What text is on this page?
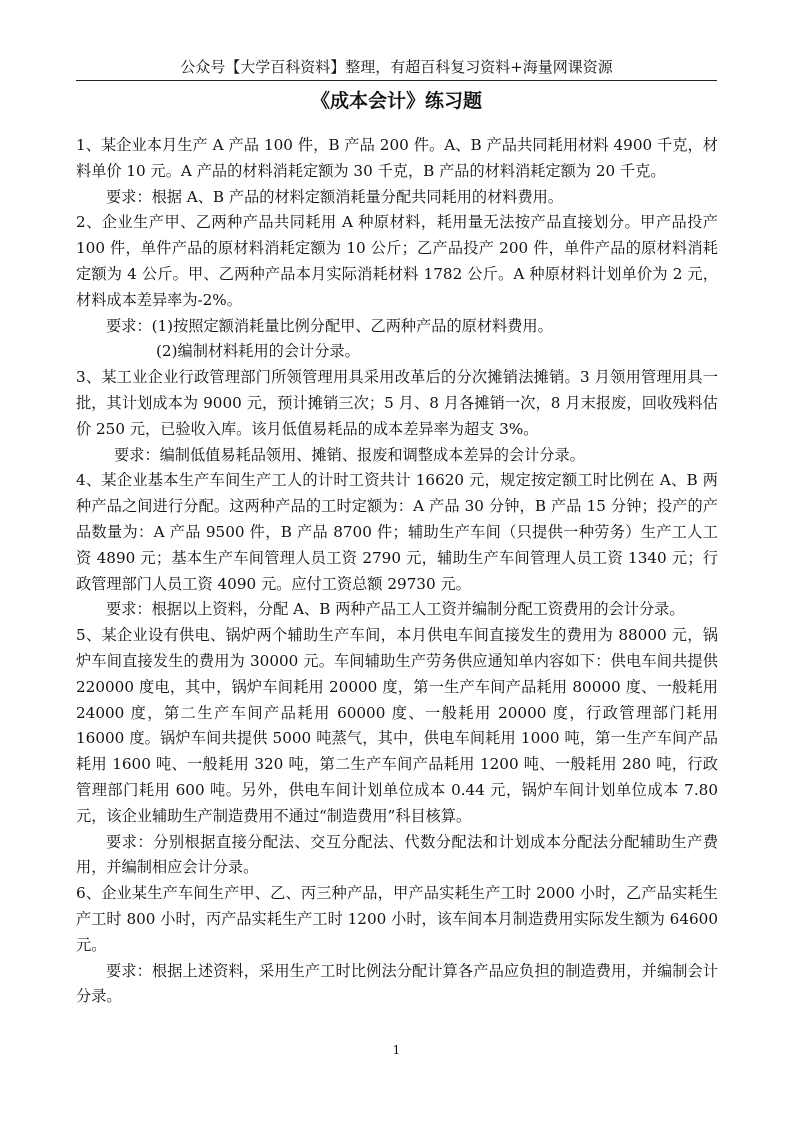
公众号【大学百科资料】整理，有超百科复习资料+海量网课资源
《成本会计》练习题

1、某企业本月生产 A 产品 100 件，B 产品 200 件。A、B 产品共同耗用材料 4900 千克，材料单价 10 元。A 产品的材料消耗定额为 30 千克，B 产品的材料消耗定额为 20 千克。

要求：根据 A、B 产品的材料定额消耗量分配共同耗用的材料费用。

2、企业生产甲、乙两种产品共同耗用 A 种原材料，耗用量无法按产品直接划分。甲产品投产 100 件，单件产品的原材料消耗定额为 10 公斤；乙产品投产 200 件，单件产品的原材料消耗定额为 4 公斤。甲、乙两种产品本月实际消耗材料 1782 公斤。A 种原材料计划单价为 2 元，材料成本差异率为-2%。

要求：(1)按照定额消耗量比例分配甲、乙两种产品的原材料费用。

(2)编制材料耗用的会计分录。

3、某工业企业行政管理部门所领管理用具采用改革后的分次摊销法摊销。3 月领用管理用具一批，其计划成本为 9000 元，预计摊销三次；5 月、8 月各摊销一次，8 月末报废，回收残料估价 250 元，已验收入库。该月低值易耗品的成本差异率为超支 3%。

要求：编制低值易耗品领用、摊销、报废和调整成本差异的会计分录。

4、某企业基本生产车间生产工人的计时工资共计 16620 元，规定按定额工时比例在 A、B 两种产品之间进行分配。这两种产品的工时定额为：A 产品 30 分钟，B 产品 15 分钟；投产的产品数量为：A 产品 9500 件，B 产品 8700 件；辅助生产车间（只提供一种劳务）生产工人工资 4890 元；基本生产车间管理人员工资 2790 元，辅助生产车间管理人员工资 1340 元；行政管理部门人员工资 4090 元。应付工资总额 29730 元。

要求：根据以上资料，分配 A、B 两种产品工人工资并编制分配工资费用的会计分录。

5、某企业设有供电、锅炉两个辅助生产车间，本月供电车间直接发生的费用为 88000 元，锅炉车间直接发生的费用为 30000 元。车间辅助生产劳务供应通知单内容如下：供电车间共提供 220000 度电，其中，锅炉车间耗用 20000 度，第一生产车间产品耗用 80000 度、一般耗用 24000 度，第二生产车间产品耗用 60000 度、一般耗用 20000 度，行政管理部门耗用 16000 度。锅炉车间共提供 5000 吨蒸气，其中，供电车间耗用 1000 吨，第一生产车间产品耗用 1600 吨、一般耗用 320 吨，第二生产车间产品耗用 1200 吨、一般耗用 280 吨，行政管理部门耗用 600 吨。另外，供电车间计划单位成本 0.44 元，锅炉车间计划单位成本 7.80 元，该企业辅助生产制造费用不通过“制造费用”科目核算。

要求：分别根据直接分配法、交互分配法、代数分配法和计划成本分配法分配辅助生产费用，并编制相应会计分录。

6、企业某生产车间生产甲、乙、丙三种产品，甲产品实耗生产工时 2000 小时，乙产品实耗生产工时 800 小时，丙产品实耗生产工时 1200 小时，该车间本月制造费用实际发生额为 64600 元。

要求：根据上述资料，采用生产工时比例法分配计算各产品应负担的制造费用，并编制会计分录。

1
